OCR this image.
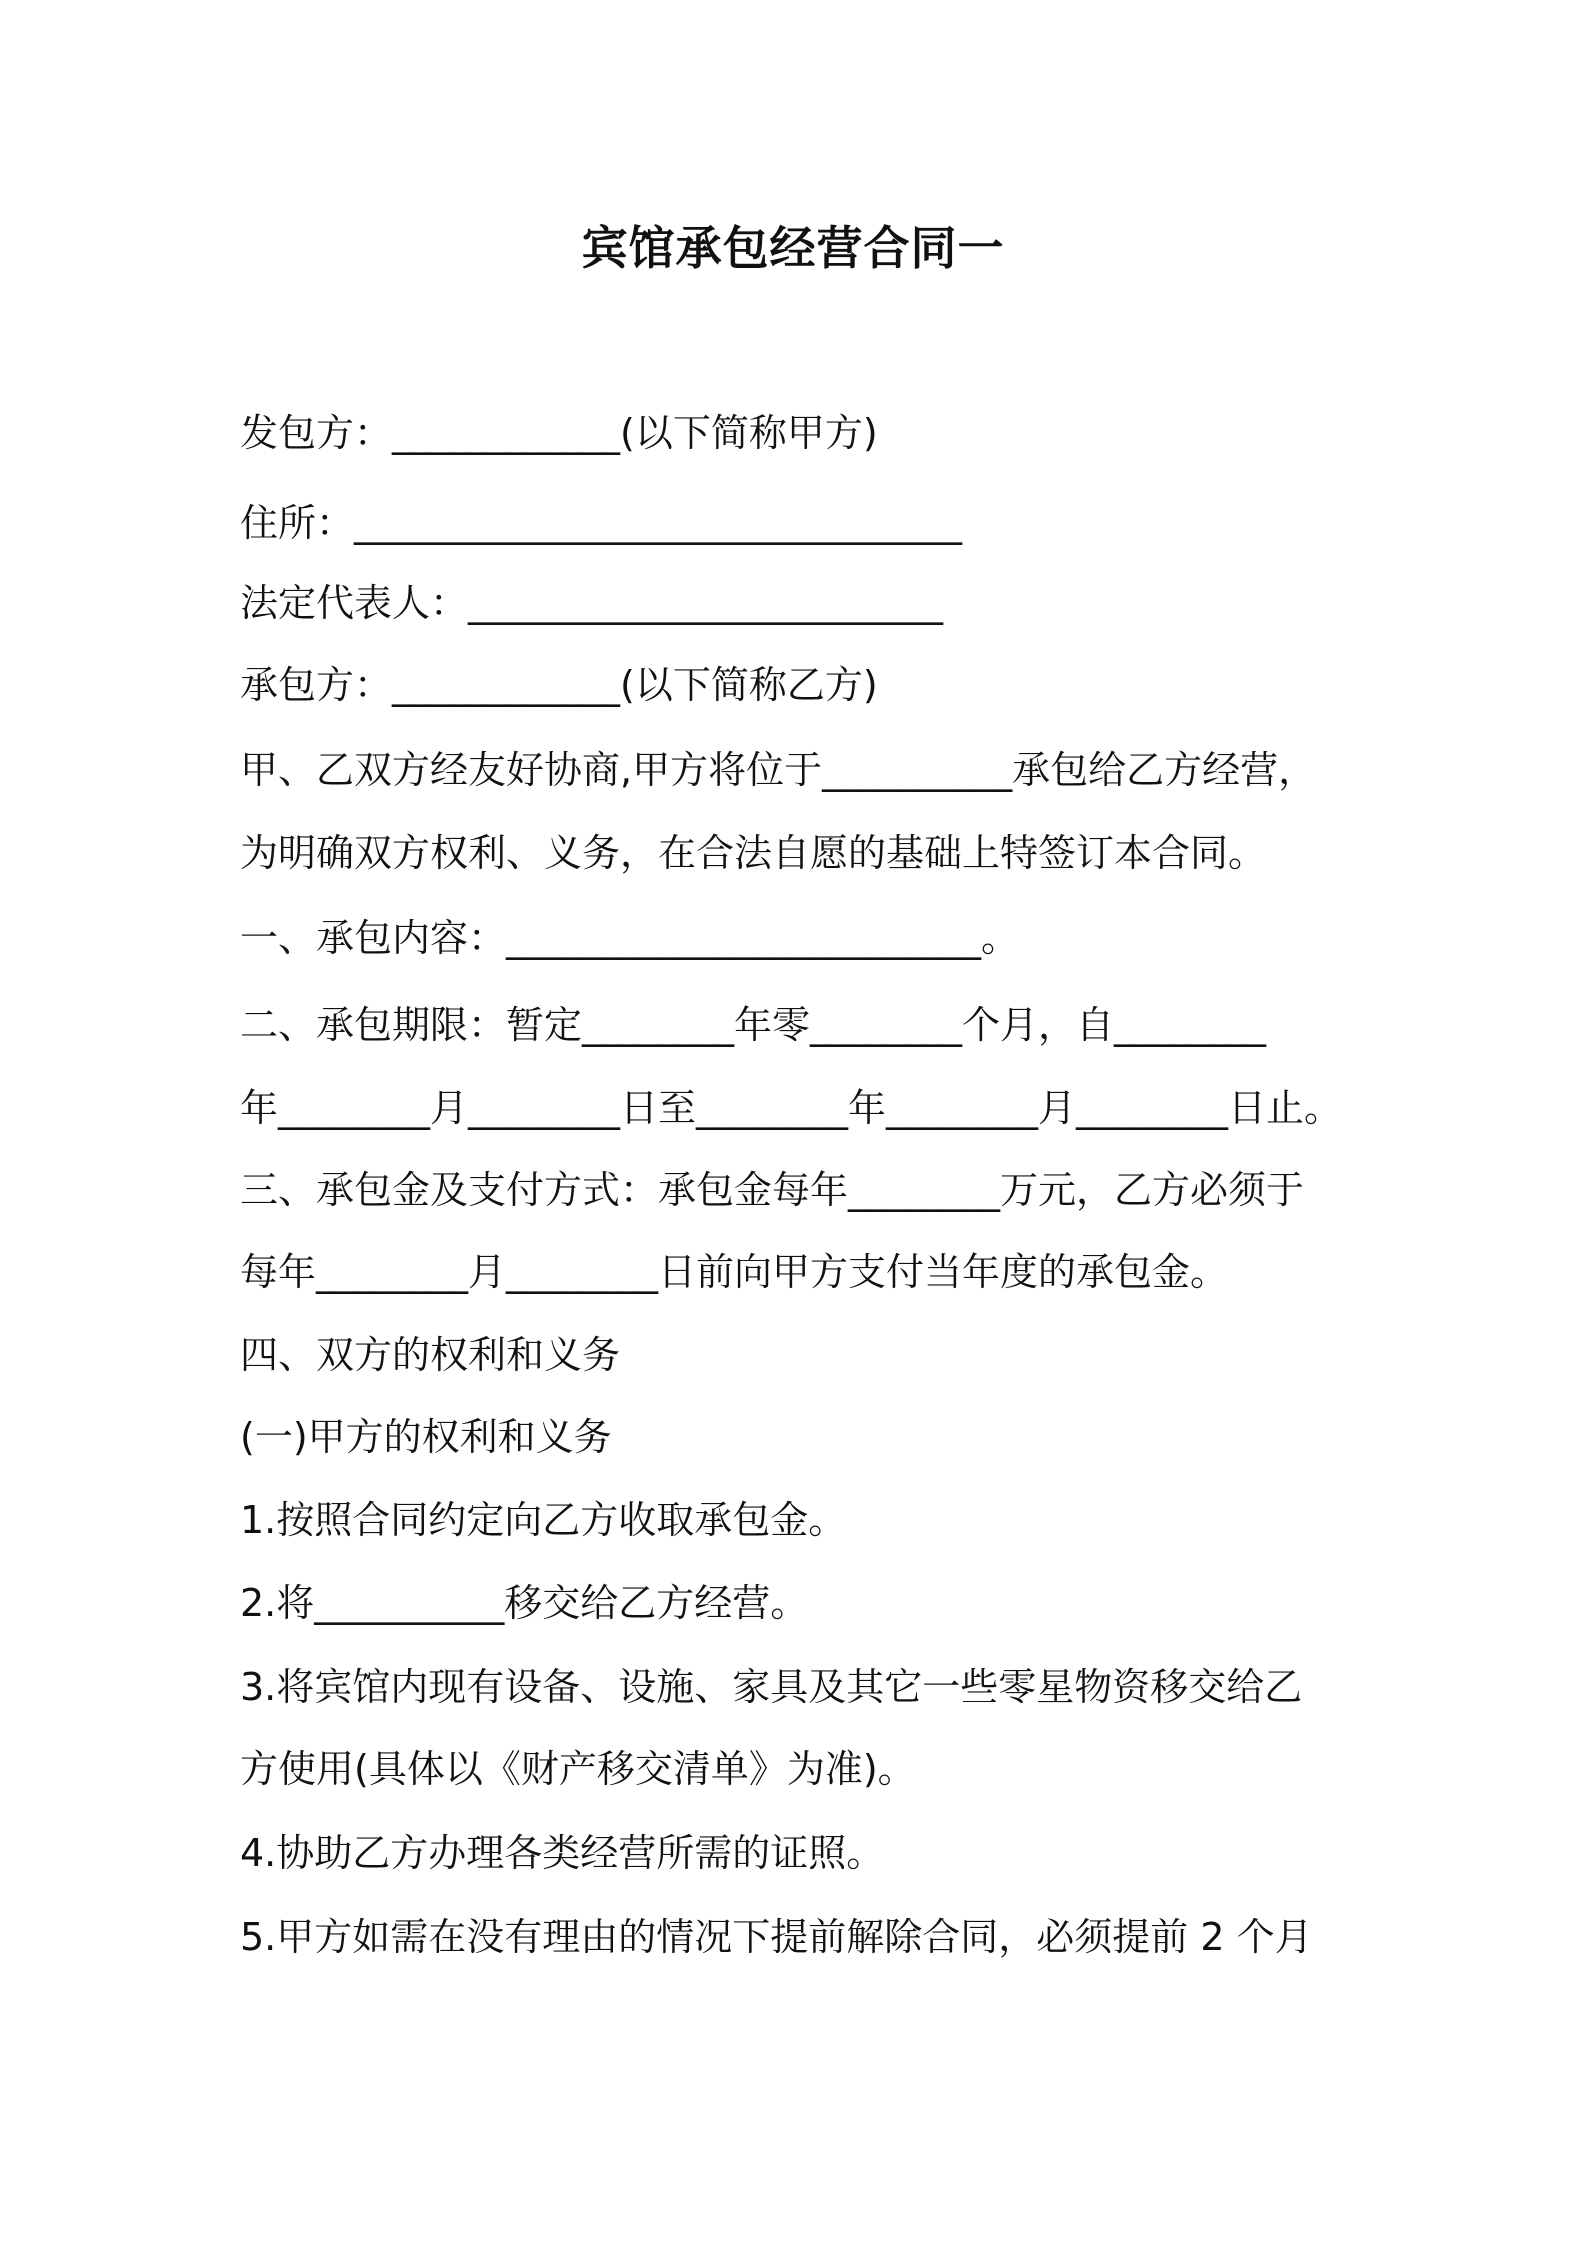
宾馆承包经营合同一
发包方：____________(以下简称甲方)
住所：________________________________
法定代表人：_________________________
承包方：____________(以下简称乙方)
甲、乙双方经友好协商,甲方将位于__________承包给乙方经营，
为明确双方权利、义务，在合法自愿的基础上特签订本合同。
一、承包内容：_________________________。
二、承包期限：暂定________年零________个月，自________
年________月________日至________年________月________日止。
三、承包金及支付方式：承包金每年________万元，乙方必须于
每年________月________日前向甲方支付当年度的承包金。
四、双方的权利和义务
(一)甲方的权利和义务
1.按照合同约定向乙方收取承包金。
2.将__________移交给乙方经营。
3.将宾馆内现有设备、设施、家具及其它一些零星物资移交给乙
方使用(具体以《财产移交清单》为准)。
4.协助乙方办理各类经营所需的证照。
5.甲方如需在没有理由的情况下提前解除合同，必须提前 2 个月
